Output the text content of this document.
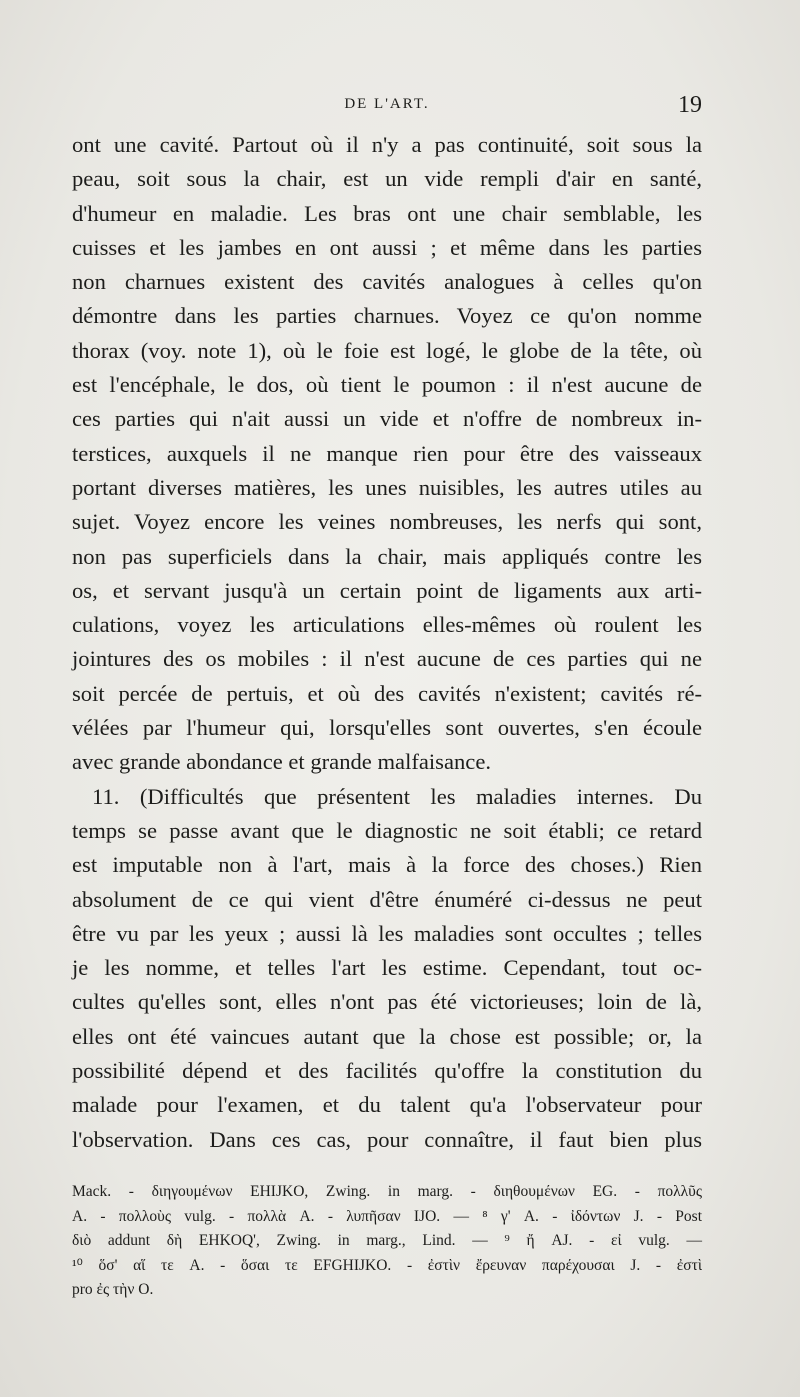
DE L'ART.	19
ont une cavité. Partout où il n'y a pas continuité, soit sous la
peau, soit sous la chair, est un vide rempli d'air en santé,
d'humeur en maladie. Les bras ont une chair semblable, les
cuisses et les jambes en ont aussi ; et même dans les parties
non charnues existent des cavités analogues à celles qu'on
démontre dans les parties charnues. Voyez ce qu'on nomme
thorax (voy. note 1), où le foie est logé, le globe de la tête, où
est l'encéphale, le dos, où tient le poumon : il n'est aucune de
ces parties qui n'ait aussi un vide et n'offre de nombreux in-
terstices, auxquels il ne manque rien pour être des vaisseaux
portant diverses matières, les unes nuisibles, les autres utiles au
sujet. Voyez encore les veines nombreuses, les nerfs qui sont,
non pas superficiels dans la chair, mais appliqués contre les
os, et servant jusqu'à un certain point de ligaments aux arti-
culations, voyez les articulations elles-mêmes où roulent les
jointures des os mobiles : il n'est aucune de ces parties qui ne
soit percée de pertuis, et où des cavités n'existent; cavités ré-
vélées par l'humeur qui, lorsqu'elles sont ouvertes, s'en écoule
avec grande abondance et grande malfaisance.
11. (Difficultés que présentent les maladies internes. Du
temps se passe avant que le diagnostic ne soit établi; ce retard
est imputable non à l'art, mais à la force des choses.) Rien
absolument de ce qui vient d'être énuméré ci-dessus ne peut
être vu par les yeux ; aussi là les maladies sont occultes ; telles
je les nomme, et telles l'art les estime. Cependant, tout oc-
cultes qu'elles sont, elles n'ont pas été victorieuses; loin de là,
elles ont été vaincues autant que la chose est possible; or, la
possibilité dépend et des facilités qu'offre la constitution du
malade pour l'examen, et du talent qu'a l'observateur pour
l'observation. Dans ces cas, pour connaître, il faut bien plus
Mack. - διηγουμένων EHIJKO, Zwing. in marg. - διηθουμένων EG. - πολλῦς
A. - πολλοὺς vulg. - πολλὰ A. - λυπῆσαν IJO. — ⁸ γ' A. - ἰδόντων J. - Post
διὸ addunt δὴ EHKOQ', Zwing. in marg., Lind. — ⁹ ἤ AJ. - εἰ vulg. —
¹⁰ ὅσ' αἵ τε A. - ὅσαι τε EFGHIJKO. - ἐστὶν ἔρευναν παρέχουσαι J. - ἐστὶ
pro ἐς τὴν O.
